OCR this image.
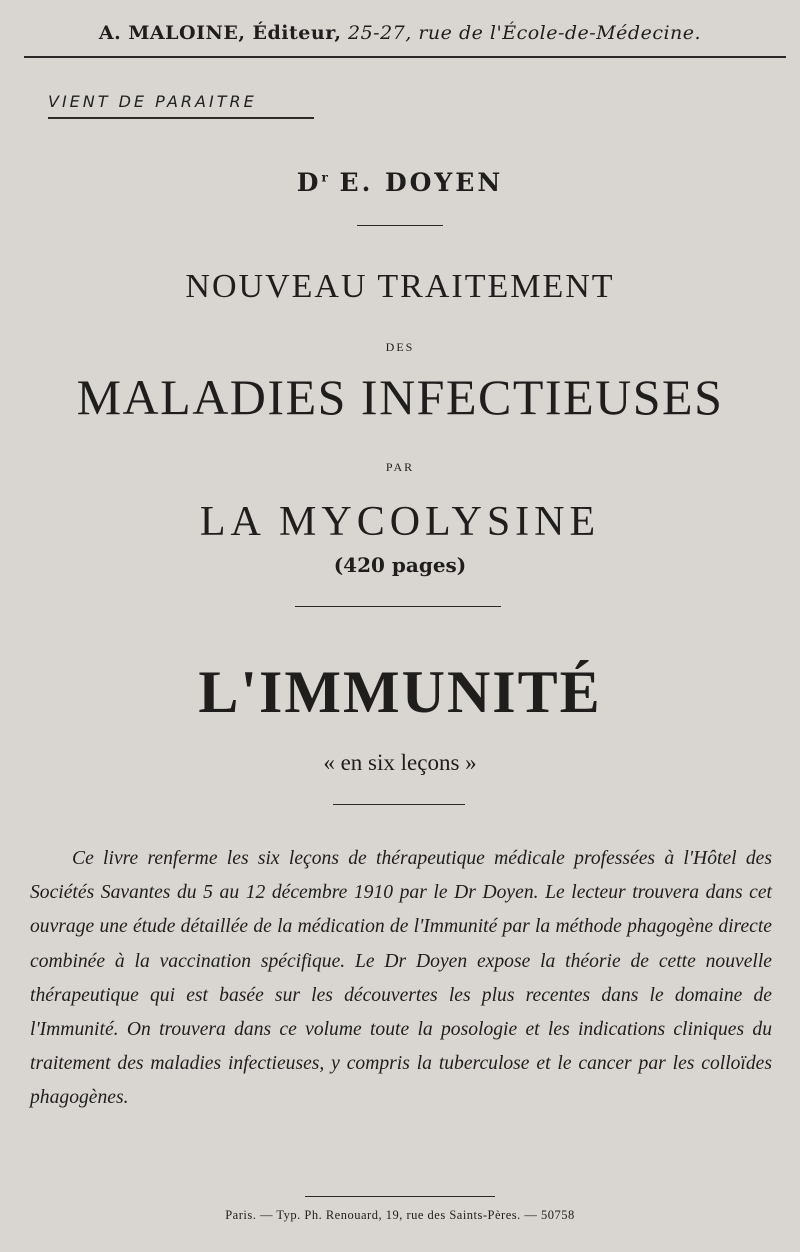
A. MALOINE, Éditeur, 25-27, rue de l'École-de-Médecine.
VIENT DE PARAITRE
$D^r$ E. DOYEN
NOUVEAU TRAITEMENT
DES
MALADIES INFECTIEUSES
PAR
LA MYCOLYSINE
(420 pages)
L'IMMUNITÉ
« en six leçons »
Ce livre renferme les six leçons de thérapeutique médicale professées à l'Hôtel des Sociétés Savantes du 5 au 12 décembre 1910 par le Dr Doyen. Le lecteur trouvera dans cet ouvrage une étude détaillée de la médication de l'Immunité par la méthode phagogène directe combinée à la vaccination spécifique. Le Dr Doyen expose la théorie de cette nouvelle thérapeutique qui est basée sur les découvertes les plus recentes dans le domaine de l'Immunité. On trouvera dans ce volume toute la posologie et les indications cliniques du traitement des maladies infectieuses, y compris la tuberculose et le cancer par les colloïdes phagogènes.
Paris. — Typ. Ph. Renouard, 19, rue des Saints-Pères. — 50758
